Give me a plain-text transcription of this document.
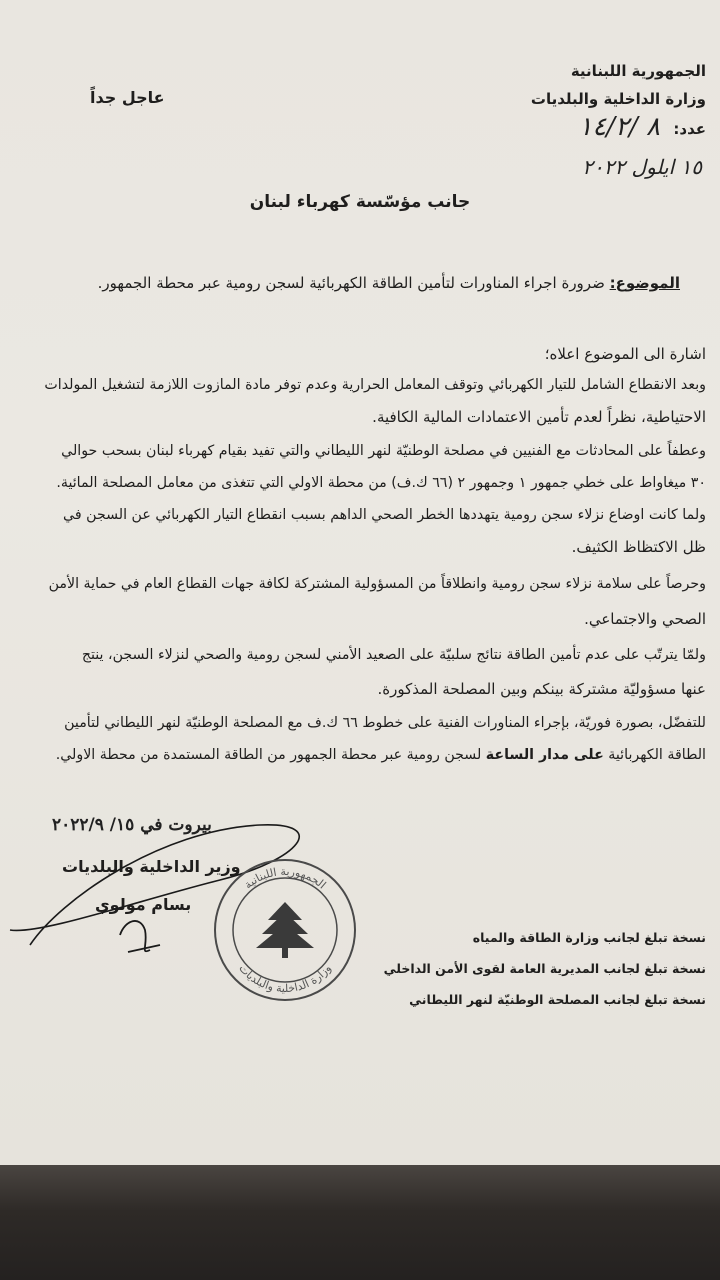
الجمهورية اللبنانية
وزارة الداخلية والبلديات
عدد:
٨ /١٤/٢
١٥ ايلول ٢٠٢٢
عاجل جداً
جانب مؤسّسة كهرباء لبنان
الموضوع: ضرورة اجراء المناورات لتأمين الطاقة الكهربائية لسجن رومية عبر محطة الجمهور.
اشارة الى الموضوع اعلاه؛
وبعد الانقطاع الشامل للتيار الكهربائي وتوقف المعامل الحرارية وعدم توفر مادة المازوت اللازمة لتشغيل المولدات
الاحتياطية، نظراً لعدم تأمين الاعتمادات المالية الكافية.
وعطفاً على المحادثات مع الفنيين في مصلحة الوطنيّة لنهر الليطاني والتي تفيد بقيام كهرباء لبنان بسحب حوالي
٣٠ ميغاواط على خطي جمهور ١ وجمهور ٢ (٦٦ ك.ف) من محطة الاولي التي تتغذى من معامل المصلحة المائية.
ولما كانت اوضاع نزلاء سجن رومية يتهددها الخطر الصحي الداهم بسبب انقطاع التيار الكهربائي عن السجن في
ظل الاكتظاظ الكثيف.
وحرصاً على سلامة نزلاء سجن رومية وانطلاقاً من المسؤولية المشتركة لكافة جهات القطاع العام في حماية الأمن
الصحي والاجتماعي.
ولمّا يترتّب على عدم تأمين الطاقة نتائج سلبيّة على الصعيد الأمني لسجن رومية والصحي لنزلاء السجن، ينتج
عنها مسؤوليّة مشتركة بينكم وبين المصلحة المذكورة.
للتفضّل، بصورة فوريّة، بإجراء المناورات الفنية على خطوط ٦٦ ك.ف مع المصلحة الوطنيّة لنهر الليطاني لتأمين
الطاقة الكهربائية على مدار الساعة لسجن رومية عبر محطة الجمهور من الطاقة المستمدة من محطة الاولي.
بيروت في ١٥/ ٢٠٢٢/٩
وزير الداخلية والبلديات
بسام مولوي
الجمهورية اللبنانية
وزارة الداخلية والبلديات
نسخة تبلغ لجانب وزارة الطاقة والمياه
نسخة تبلغ لجانب المديرية العامة لقوى الأمن الداخلي
نسخة تبلغ لجانب المصلحة الوطنيّة لنهر الليطاني
